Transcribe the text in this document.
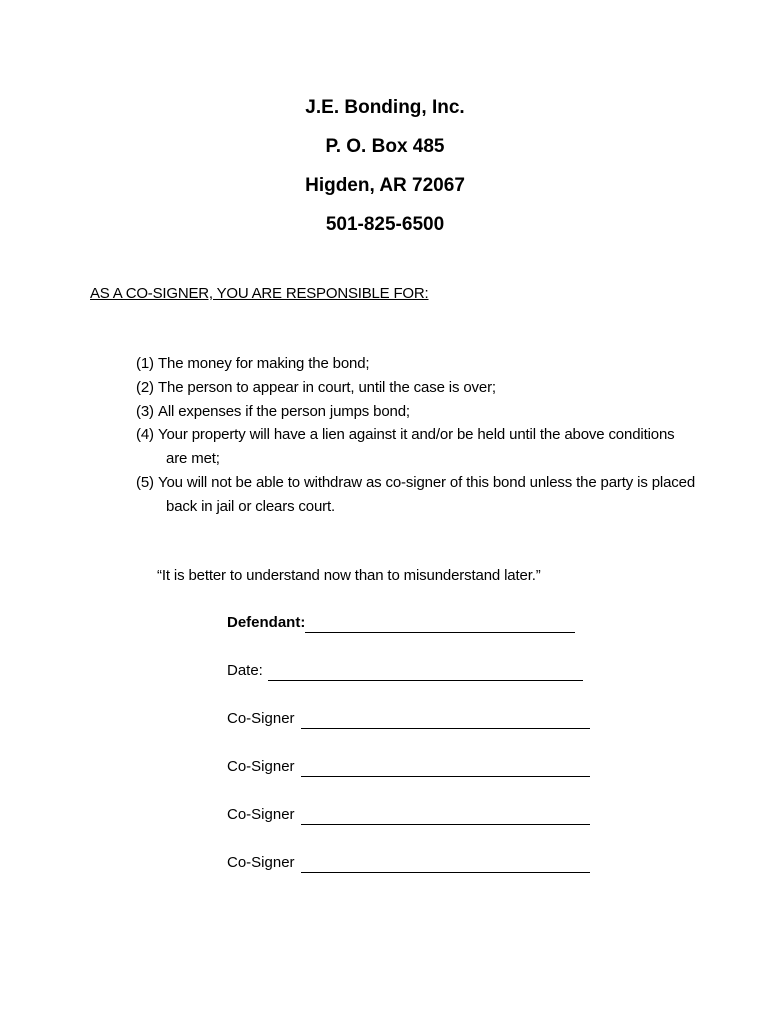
J.E. Bonding, Inc.
P. O. Box 485
Higden, AR 72067
501-825-6500
AS A CO-SIGNER, YOU ARE RESPONSIBLE FOR:
(1) The money for making the bond;
(2) The person to appear in court, until the case is over;
(3) All expenses if the person jumps bond;
(4) Your property will have a lien against it and/or be held until the above conditions are met;
(5) You will not be able to withdraw as co-signer of this bond unless the party is placed back in jail or clears court.
“It is better to understand now than to misunderstand later.”
Defendant:
Date:
Co-Signer
Co-Signer
Co-Signer
Co-Signer
